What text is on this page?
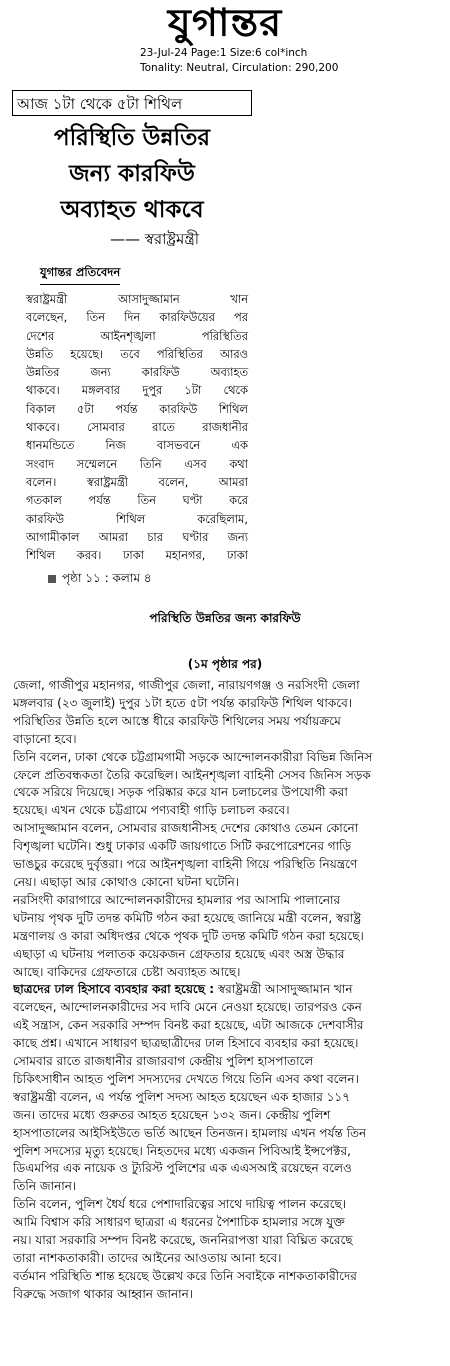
যুগান্তর
23-Jul-24 Page:1 Size:6 col*inch
Tonality: Neutral, Circulation: 290,200
আজ ১টা থেকে ৫টা শিথিল
পরিস্থিতি উন্নতির
জন্য কারফিউ
অব্যাহত থাকবে
—— স্বরাষ্ট্রমন্ত্রী
যুগান্তর প্রতিবেদন
স্বরাষ্ট্রমন্ত্রী আসাদুজ্জামান খান
বলেছেন, তিন দিন কারফিউয়ের পর
দেশের আইনশৃঙ্খলা পরিস্থিতির
উন্নতি হয়েছে। তবে পরিস্থিতির আরও
উন্নতির জন্য কারফিউ অব্যাহত
থাকবে। মঙ্গলবার দুপুর ১টা থেকে
বিকাল ৫টা পর্যন্ত কারফিউ শিথিল
থাকবে। সোমবার রাতে রাজধানীর
ধানমন্ডিতে নিজ বাসভবনে এক
সংবাদ সম্মেলনে তিনি এসব কথা
বলেন। স্বরাষ্ট্রমন্ত্রী বলেন, আমরা
গতকাল পর্যন্ত তিন ঘণ্টা করে
কারফিউ শিথিল করেছিলাম,
আগামীকাল আমরা চার ঘণ্টার জন্য
শিথিল করব। ঢাকা মহানগর, ঢাকা
পৃষ্ঠা ১১ : কলাম ৪
পরিস্থিতি উন্নতির জন্য কারফিউ
(১ম পৃষ্ঠার পর)
জেলা, গাজীপুর মহানগর, গাজীপুর জেলা, নারায়ণগঞ্জ ও নরসিংদী জেলা
মঙ্গলবার (২৩ জুলাই) দুপুর ১টা হতে ৫টা পর্যন্ত কারফিউ শিথিল থাকবে।
পরিস্থিতির উন্নতি হলে আস্তে ধীরে কারফিউ শিথিলের সময় পর্যায়ক্রমে
বাড়ানো হবে।
তিনি বলেন, ঢাকা থেকে চট্টগ্রামগামী সড়কে আন্দোলনকারীরা বিভিন্ন জিনিস
ফেলে প্রতিবন্ধকতা তৈরি করেছিল। আইনশৃঙ্খলা বাহিনী সেসব জিনিস সড়ক
থেকে সরিয়ে দিয়েছে। সড়ক পরিষ্কার করে যান চলাচলের উপযোগী করা
হয়েছে। এখন থেকে চট্টগ্রামে পণ্যবাহী গাড়ি চলাচল করবে।
আসাদুজ্জামান বলেন, সোমবার রাজধানীসহ দেশের কোথাও তেমন কোনো
বিশৃঙ্খলা ঘটেনি। শুধু ঢাকার একটি জায়গাতে সিটি করপোরেশনের গাড়ি
ভাঙচুর করেছে দুর্বৃত্তরা। পরে আইনশৃঙ্খলা বাহিনী গিয়ে পরিস্থিতি নিয়ন্ত্রণে
নেয়। এছাড়া আর কোথাও কোনো ঘটনা ঘটেনি।
নরসিংদী কারাগারে আন্দোলনকারীদের হামলার পর আসামি পালানোর
ঘটনায় পৃথক দুটি তদন্ত কমিটি গঠন করা হয়েছে জানিয়ে মন্ত্রী বলেন, স্বরাষ্ট্র
মন্ত্রণালয় ও কারা অধিদপ্তর থেকে পৃথক দুটি তদন্ত কমিটি গঠন করা হয়েছে।
এছাড়া এ ঘটনায় পলাতক কয়েকজন গ্রেফতার হয়েছে এবং অস্ত্র উদ্ধার
আছে। বাকিদের গ্রেফতারে চেষ্টা অব্যাহত আছে।
ছাত্রদের ঢাল হিসাবে ব্যবহার করা হয়েছে : স্বরাষ্ট্রমন্ত্রী আসাদুজ্জামান খান
বলেছেন, আন্দোলনকারীদের সব দাবি মেনে নেওয়া হয়েছে। তারপরও কেন
এই সন্ত্রাস, কেন সরকারি সম্পদ বিনষ্ট করা হয়েছে, এটা আজকে দেশবাসীর
কাছে প্রশ্ন। এখানে সাধারণ ছাত্রছাত্রীদের ঢাল হিসাবে ব্যবহার করা হয়েছে।
সোমবার রাতে রাজধানীর রাজারবাগ কেন্দ্রীয় পুলিশ হাসপাতালে
চিকিৎসাধীন আহত পুলিশ সদস্যদের দেখতে গিয়ে তিনি এসব কথা বলেন।
স্বরাষ্ট্রমন্ত্রী বলেন, এ পর্যন্ত পুলিশ সদস্য আহত হয়েছেন এক হাজার ১১৭
জন। তাদের মধ্যে গুরুতর আহত হয়েছেন ১৩২ জন। কেন্দ্রীয় পুলিশ
হাসপাতালের আইসিইউতে ভর্তি আছেন তিনজন। হামলায় এখন পর্যন্ত তিন
পুলিশ সদস্যের মৃত্যু হয়েছে। নিহতদের মধ্যে একজন পিবিআই ইন্সপেক্টর,
ডিএমপির এক নায়েক ও ট্যুরিস্ট পুলিশের এক এএসআই রয়েছেন বলেও
তিনি জানান।
তিনি বলেন, পুলিশ ধৈর্য ধরে পেশাদারিত্বের সাথে দায়িত্ব পালন করেছে।
আমি বিশ্বাস করি সাধারণ ছাত্ররা এ ধরনের পৈশাচিক হামলার সঙ্গে যুক্ত
নয়। যারা সরকারি সম্পদ বিনষ্ট করেছে, জননিরাপত্তা যারা বিঘ্নিত করেছে
তারা নাশকতাকারী। তাদের আইনের আওতায় আনা হবে।
বর্তমান পরিস্থিতি শান্ত হয়েছে উল্লেখ করে তিনি সবাইকে নাশকতাকারীদের
বিরুদ্ধে সজাগ থাকার আহ্বান জানান।
